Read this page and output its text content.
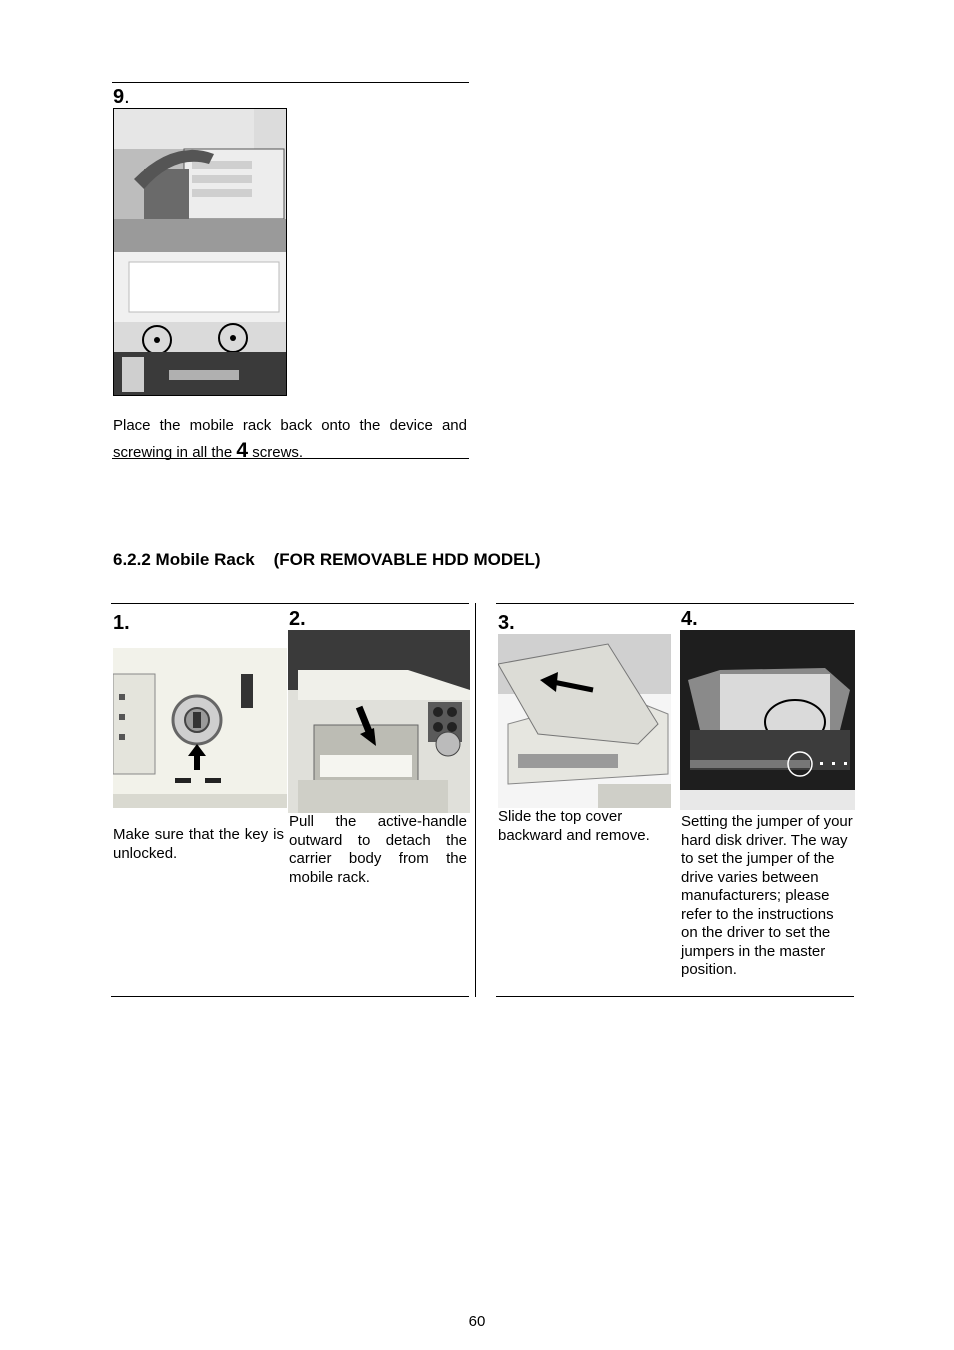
9.
Place the mobile rack back onto the device and screwing in all the 4 screws.
6.2.2 Mobile Rack    (FOR REMOVABLE HDD MODEL)
1.
Make sure that the key is unlocked.
2.
Pull the active-handle outward to detach the carrier body from the mobile rack.
3.
Slide the top cover backward and remove.
4.
Setting the jumper of your hard disk driver. The way to set the jumper of the drive varies between manufacturers; please refer to the instructions on the driver to set the jumpers in the master position.
60
